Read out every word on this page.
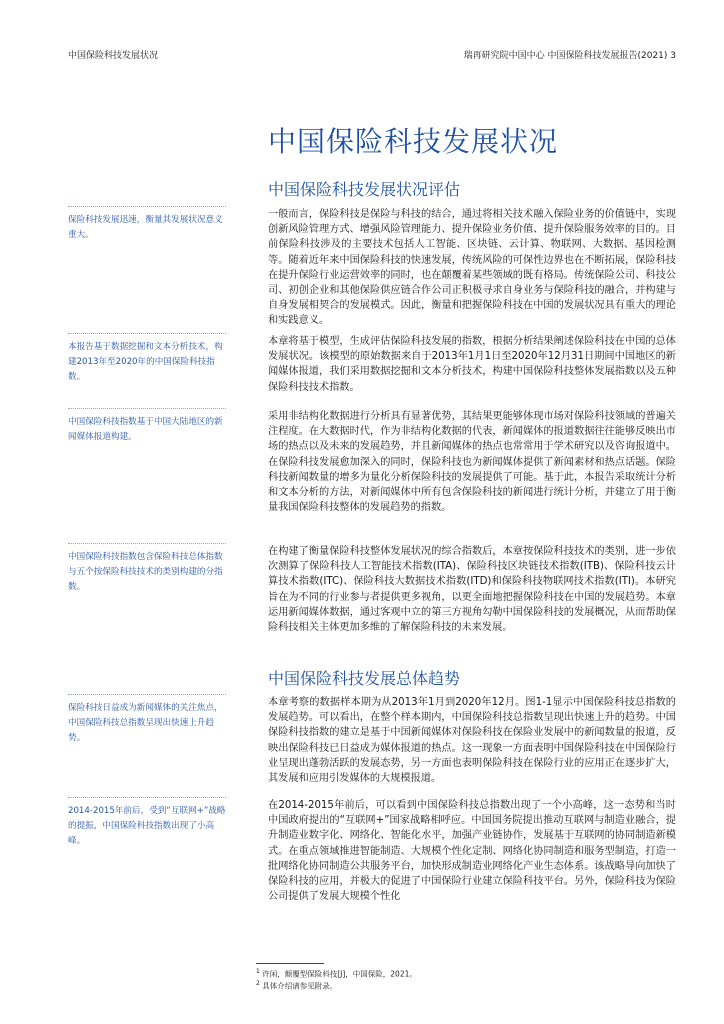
中国保险科技发展状况	瑞再研究院中国中心 中国保险科技发展报告(2021) 3
中国保险科技发展状况
中国保险科技发展状况评估
保险科技发展迅速，衡量其发展状况意义重大。

一般而言，保险科技是保险与科技的结合，通过将相关技术融入保险业务的价值链中，实现创新风险管理方式、增强风险管理能力、提升保险业务价值、提升保险服务效率的目的。目前保险科技涉及的主要技术包括人工智能、区块链、云计算、物联网、大数据、基因检测等。随着近年来中国保险科技的快速发展，传统风险的可保性边界也在不断拓展，保险科技在提升保险行业运营效率的同时，也在颠覆着某些领域的既有格局。传统保险公司、科技公司、初创企业和其他保险供应链合作公司正积极寻求自身业务与保险科技的融合，并构建与自身发展相契合的发展模式。因此，衡量和把握保险科技在中国的发展状况具有重大的理论和实践意义。

本报告基于数据挖掘和文本分析技术，构建2013年至2020年的中国保险科技指数。

本章将基于模型，生成评估保险科技发展的指数，根据分析结果阐述保险科技在中国的总体发展状况。该模型的原始数据来自于2013年1月1日至2020年12月31日期间中国地区的新闻媒体报道，我们采用数据挖掘和文本分析技术，构建中国保险科技整体发展指数以及五种保险科技技术指数。

中国保险科技指数基于中国大陆地区的新闻媒体报道构建。

采用非结构化数据进行分析具有显著优势，其结果更能够体现市场对保险科技领域的普遍关注程度。在大数据时代，作为非结构化数据的代表，新闻媒体的报道数据往往能够反映出市场的热点以及未来的发展趋势，并且新闻媒体的热点也常常用于学术研究以及咨询报道中。在保险科技发展愈加深入的同时，保险科技也为新闻媒体提供了新闻素材和热点话题。保险科技新闻数量的增多为量化分析保险科技的发展提供了可能。基于此，本报告采取统计分析和文本分析的方法，对新闻媒体中所有包含保险科技的新闻进行统计分析，并建立了用于衡量我国保险科技整体的发展趋势的指数。

中国保险科技指数包含保险科技总体指数与五个按保险科技技术的类别构建的分指数。

在构建了衡量保险科技整体发展状况的综合指数后，本章按保险科技技术的类别，进一步依次测算了保险科技人工智能技术指数(ITA)、保险科技区块链技术指数(ITB)、保险科技云计算技术指数(ITC)、保险科技大数据技术指数(ITD)和保险科技物联网技术指数(ITI)。本研究旨在为不同的行业参与者提供更多视角，以更全面地把握保险科技在中国的发展趋势。本章运用新闻媒体数据，通过客观中立的第三方视角勾勒中国保险科技的发展概况，从而帮助保险科技相关主体更加多维的了解保险科技的未来发展。

中国保险科技发展总体趋势
保险科技日益成为新闻媒体的关注焦点，中国保险科技总指数呈现出快速上升趋势。

本章考察的数据样本期为从2013年1月到2020年12月。图1-1显示中国保险科技总指数的发展趋势。可以看出，在整个样本期内，中国保险科技总指数呈现出快速上升的趋势。中国保险科技指数的建立是基于中国新闻媒体对保险科技在保险业发展中的新闻数量的报道，反映出保险科技已日益成为媒体报道的热点。这一现象一方面表明中国保险科技在中国保险行业呈现出蓬勃活跃的发展态势，另一方面也表明保险科技在保险行业的应用正在逐步扩大，其发展和应用引发媒体的大规模报道。

2014-2015年前后，受到“互联网+”战略的提振，中国保险科技指数出现了小高峰。

在2014-2015年前后，可以看到中国保险科技总指数出现了一个小高峰，这一态势和当时中国政府提出的“互联网+”国家战略相呼应。中国国务院提出推动互联网与制造业融合，提升制造业数字化、网络化、智能化水平，加强产业链协作，发展基于互联网的协同制造新模式。在重点领域推进智能制造、大规模个性化定制、网络化协同制造和服务型制造，打造一批网络化协同制造公共服务平台，加快形成制造业网络化产业生态体系。该战略导向加快了保险科技的应用，并极大的促进了中国保险行业建立保险科技平台。另外，保险科技为保险公司提供了发展大规模个性化

$^1$ 许闲，颠覆型保险科技[J]，中国保险，2021。
$^2$ 具体介绍请参见附录。
